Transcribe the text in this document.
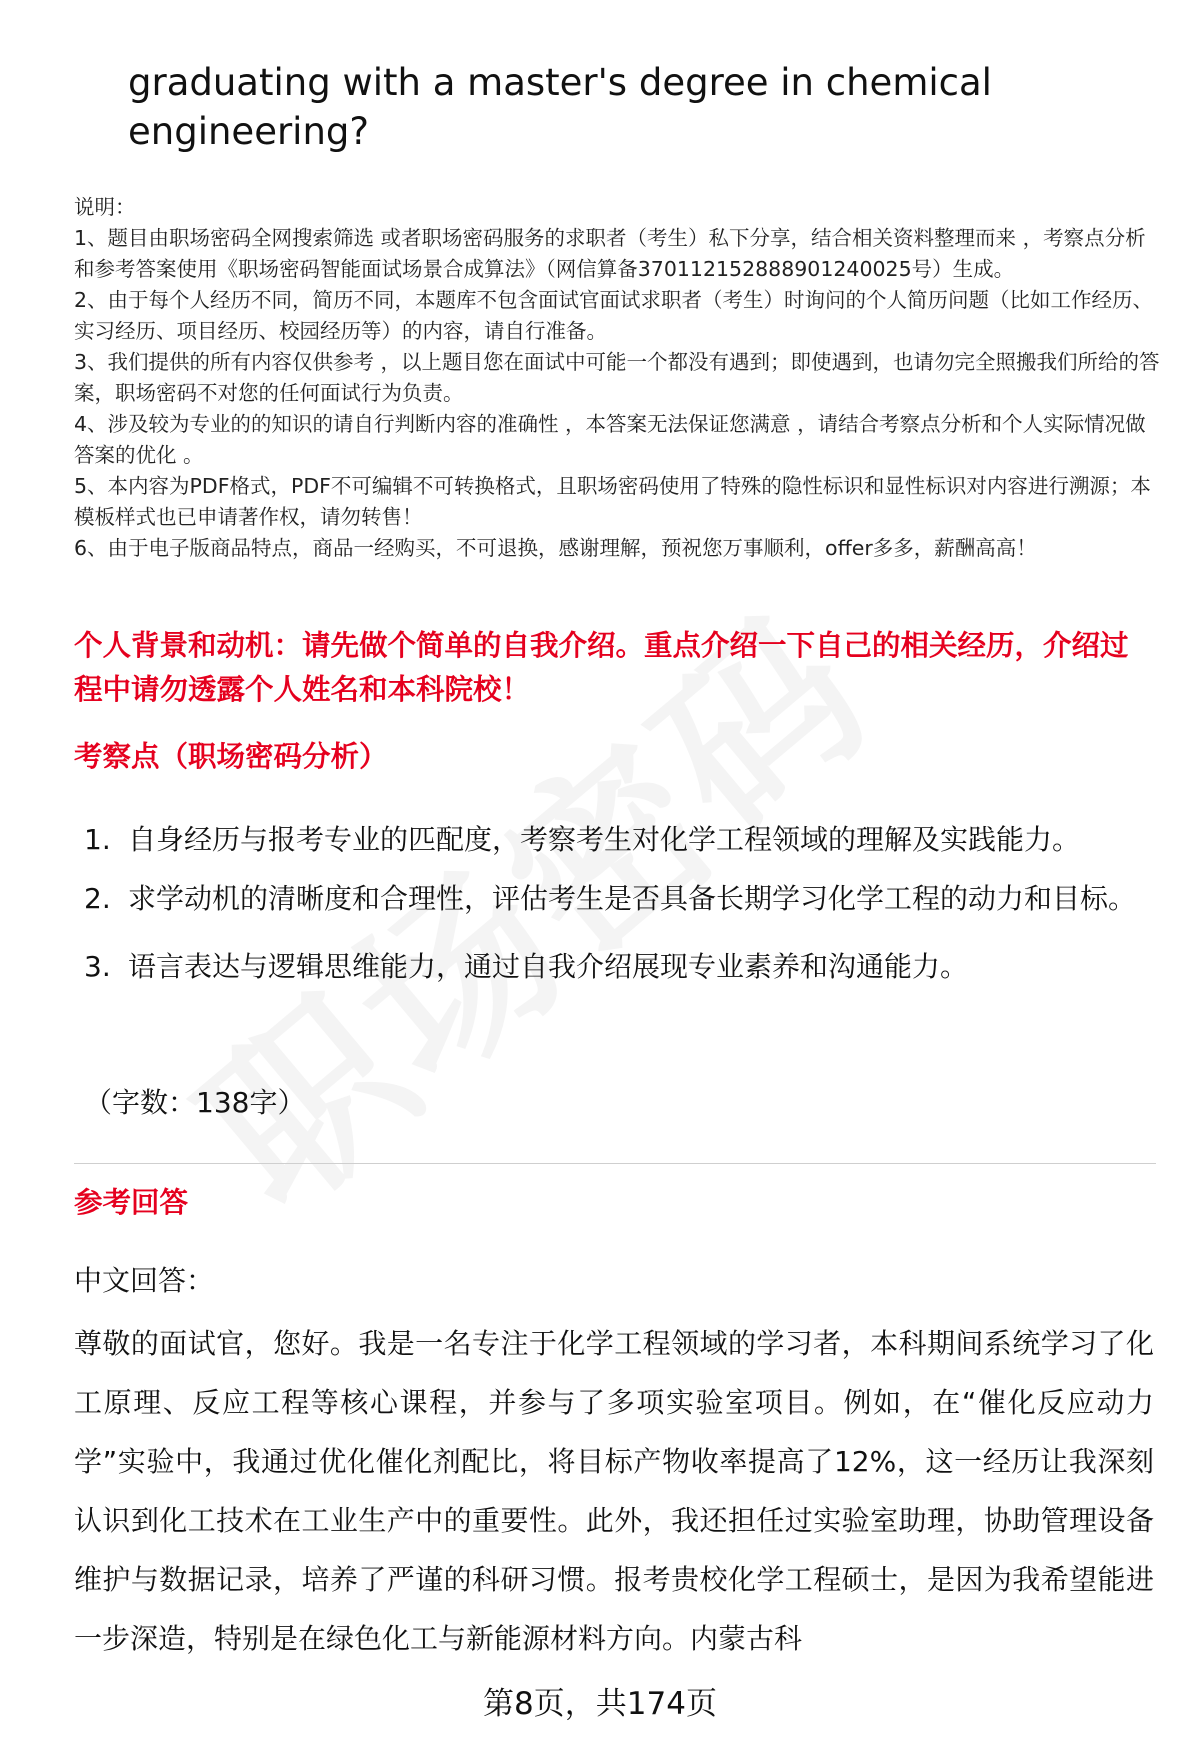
graduating with a master's degree in chemical engineering?

说明：

1、题目由职场密码全网搜索筛选 或者职场密码服务的求职者（考生）私下分享，结合相关资料整理而来 ，考察点分析和参考答案使用《职场密码智能面试场景合成算法》（网信算备370112152888901240025号）生成。

2、由于每个人经历不同，简历不同，本题库不包含面试官面试求职者（考生）时询问的个人简历问题（比如工作经历、实习经历、项目经历、校园经历等）的内容，请自行准备。

3、我们提供的所有内容仅供参考 ，以上题目您在面试中可能一个都没有遇到；即使遇到，也请勿完全照搬我们所给的答案，职场密码不对您的任何面试行为负责。

4、涉及较为专业的的知识的请自行判断内容的准确性 ，本答案无法保证您满意 ，请结合考察点分析和个人实际情况做答案的优化 。

5、本内容为PDF格式，PDF不可编辑不可转换格式，且职场密码使用了特殊的隐性标识和显性标识对内容进行溯源；本模板样式也已申请著作权，请勿转售！

6、由于电子版商品特点，商品一经购买，不可退换，感谢理解，预祝您万事顺利，offer多多，薪酬高高！

个人背景和动机：请先做个简单的自我介绍。重点介绍一下自己的相关经历，介绍过程中请勿透露个人姓名和本科院校！
考察点（职场密码分析）
1. 自身经历与报考专业的匹配度，考察考生对化学工程领域的理解及实践能力。
2. 求学动机的清晰度和合理性，评估考生是否具备长期学习化学工程的动力和目标。
3. 语言表达与逻辑思维能力，通过自我介绍展现专业素养和沟通能力。
（字数：138字）
参考回答
中文回答：
尊敬的面试官，您好。我是一名专注于化学工程领域的学习者，本科期间系统学习了化工原理、反应工程等核心课程，并参与了多项实验室项目。例如，在“催化反应动力学”实验中，我通过优化催化剂配比，将目标产物收率提高了12%，这一经历让我深刻认识到化工技术在工业生产中的重要性。此外，我还担任过实验室助理，协助管理设备维护与数据记录，培养了严谨的科研习惯。报考贵校化学工程硕士，是因为我希望能进一步深造，特别是在绿色化工与新能源材料方向。内蒙古科
第8页，共174页
